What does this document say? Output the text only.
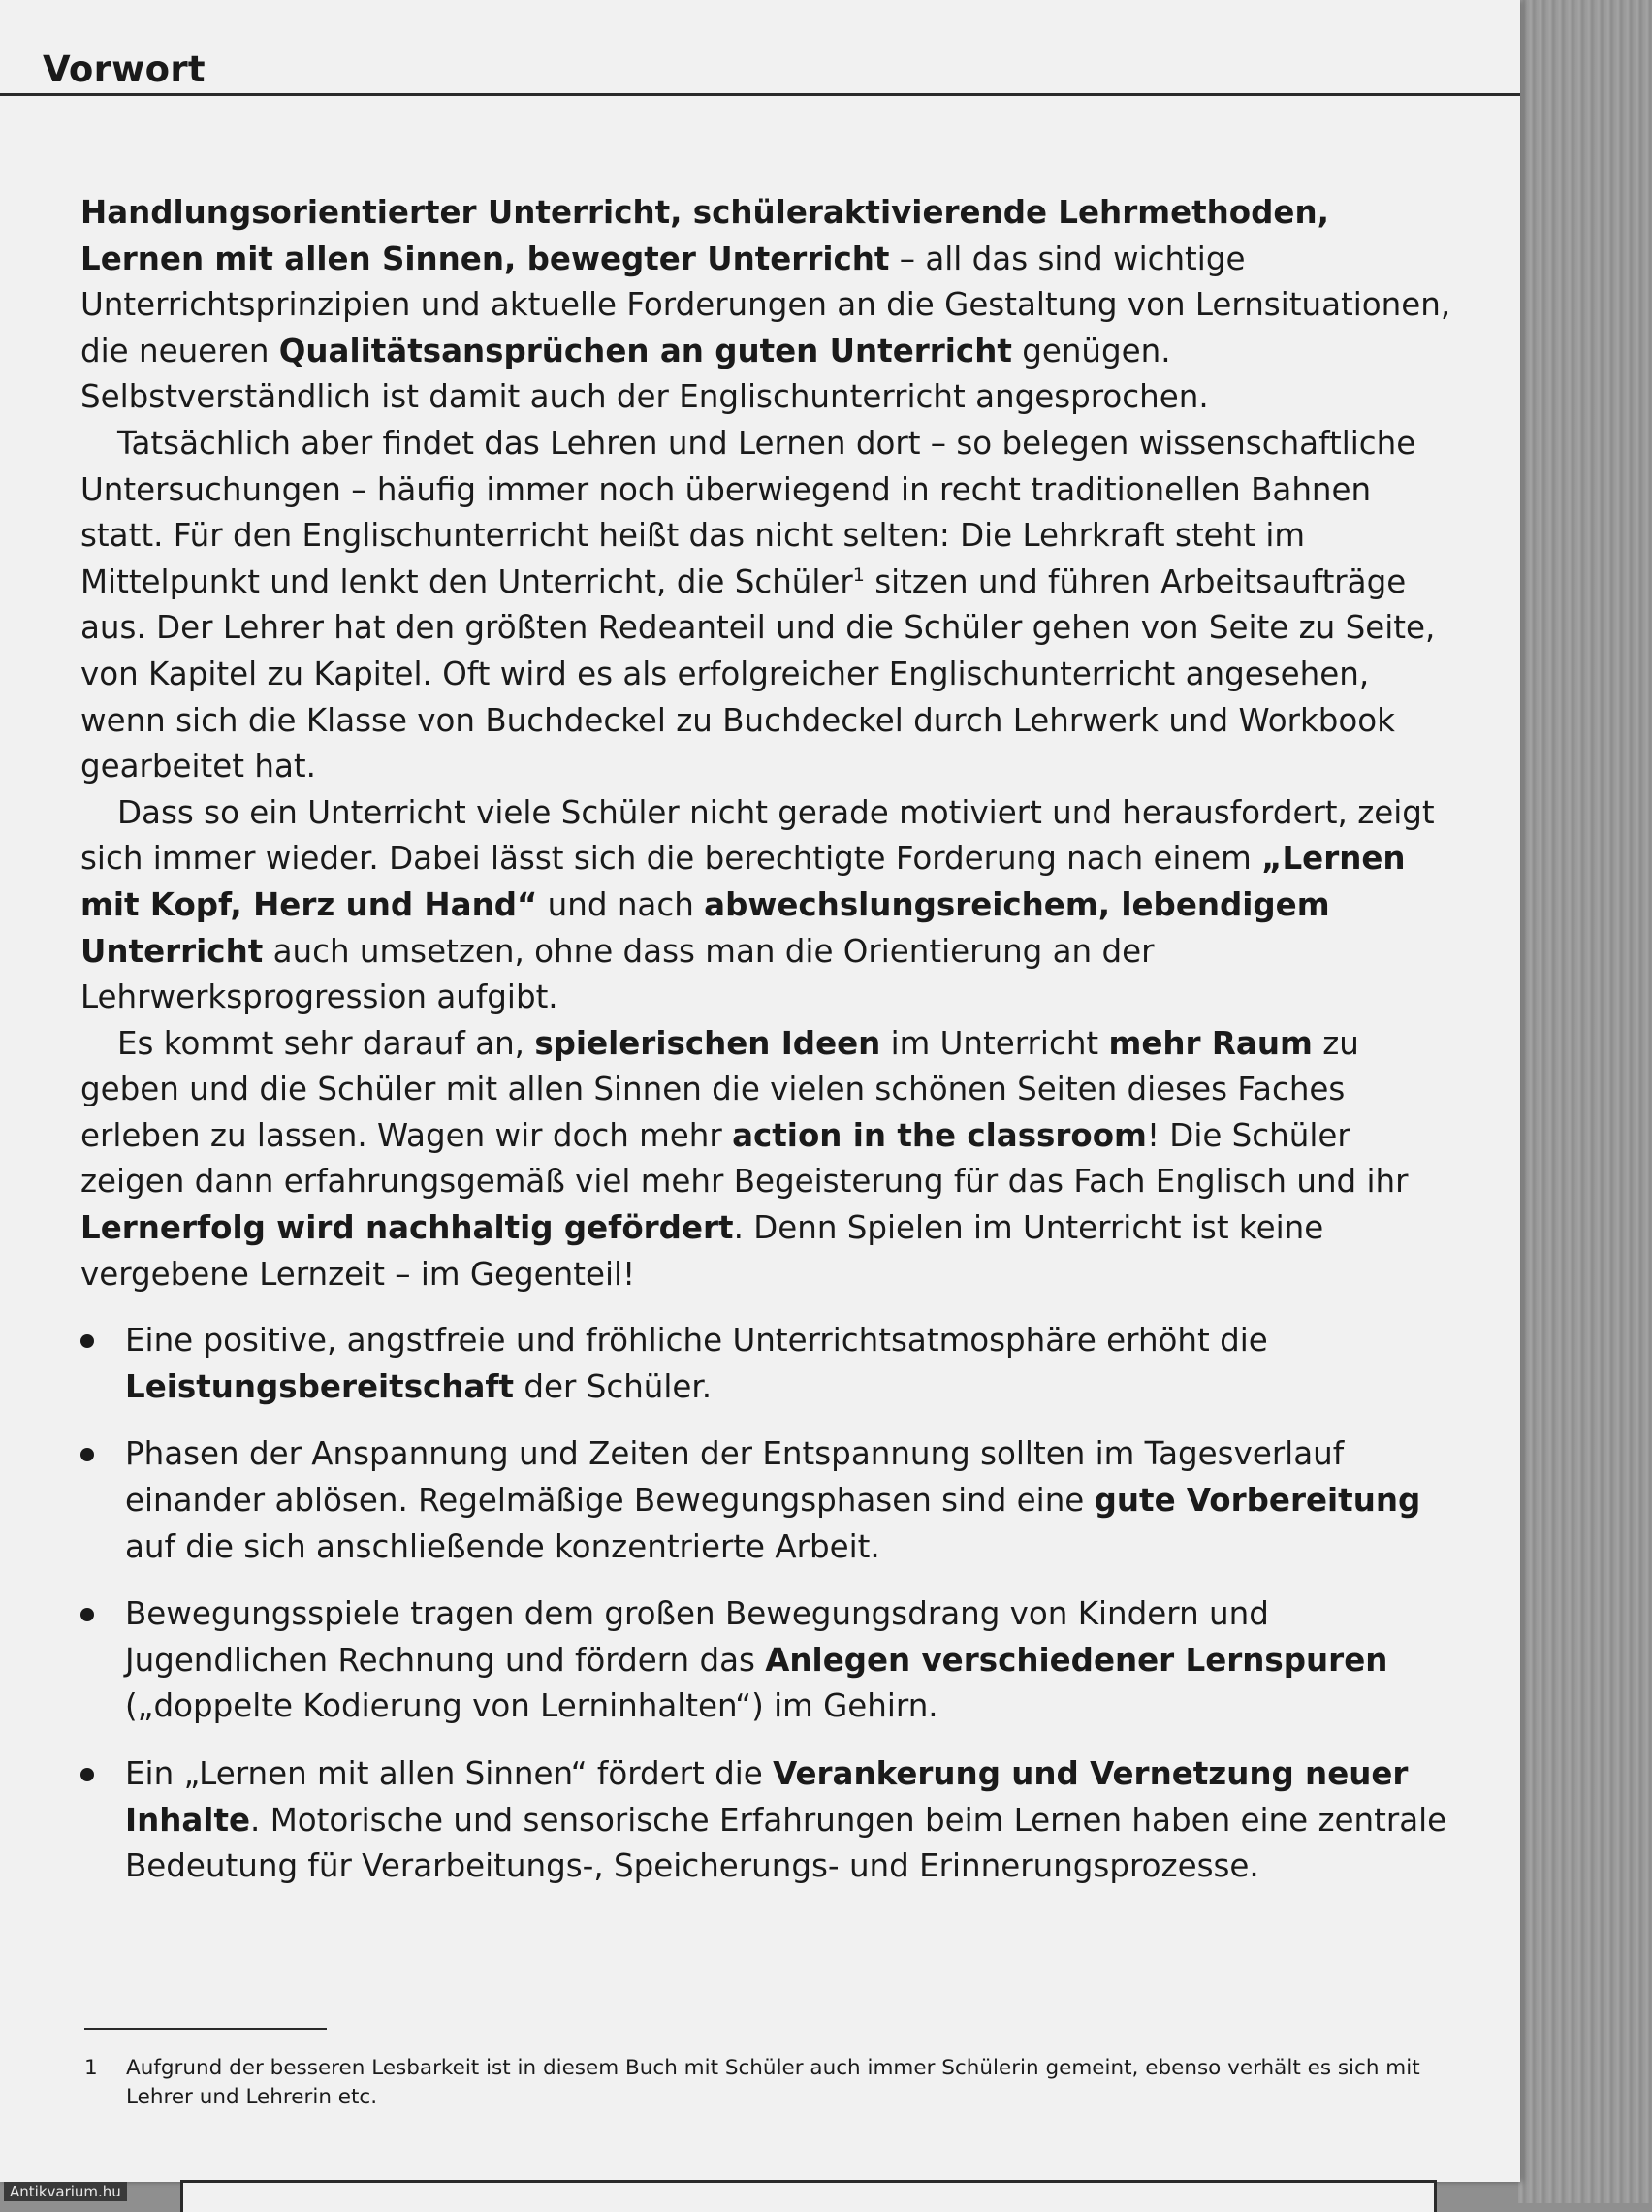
Vorwort

Handlungsorientierter Unterricht, schüleraktivierende Lehrmethoden, Lernen mit allen Sinnen, bewegter Unterricht – all das sind wichtige Unterrichtsprinzipien und aktuelle Forderungen an die Gestaltung von Lernsituationen, die neueren Qualitätsansprüchen an guten Unterricht genügen. Selbstverständlich ist damit auch der Englischunterricht angesprochen.

Tatsächlich aber findet das Lehren und Lernen dort – so belegen wissenschaftliche Untersuchungen – häufig immer noch überwiegend in recht traditionellen Bahnen statt. Für den Englischunterricht heißt das nicht selten: Die Lehrkraft steht im Mittelpunkt und lenkt den Unterricht, die Schüler$^1$ sitzen und führen Arbeitsaufträge aus. Der Lehrer hat den größten Redeanteil und die Schüler gehen von Seite zu Seite, von Kapitel zu Kapitel. Oft wird es als erfolgreicher Englischunterricht angesehen, wenn sich die Klasse von Buchdeckel zu Buchdeckel durch Lehrwerk und Workbook gearbeitet hat.

Dass so ein Unterricht viele Schüler nicht gerade motiviert und herausfordert, zeigt sich immer wieder. Dabei lässt sich die berechtigte Forderung nach einem „Lernen mit Kopf, Herz und Hand“ und nach abwechslungsreichem, lebendigem Unterricht auch umsetzen, ohne dass man die Orientierung an der Lehrwerksprogression aufgibt.

Es kommt sehr darauf an, spielerischen Ideen im Unterricht mehr Raum zu geben und die Schüler mit allen Sinnen die vielen schönen Seiten dieses Faches erleben zu lassen. Wagen wir doch mehr action in the classroom! Die Schüler zeigen dann erfahrungsgemäß viel mehr Begeisterung für das Fach Englisch und ihr Lernerfolg wird nachhaltig gefördert. Denn Spielen im Unterricht ist keine vergebene Lernzeit – im Gegenteil!

Eine positive, angstfreie und fröhliche Unterrichtsatmosphäre erhöht die Leistungsbereitschaft der Schüler.
Phasen der Anspannung und Zeiten der Entspannung sollten im Tagesverlauf einander ablösen. Regelmäßige Bewegungsphasen sind eine gute Vorbereitung auf die sich anschließende konzentrierte Arbeit.
Bewegungsspiele tragen dem großen Bewegungsdrang von Kindern und Jugendlichen Rechnung und fördern das Anlegen verschiedener Lernspuren („doppelte Kodierung von Lerninhalten“) im Gehirn.
Ein „Lernen mit allen Sinnen“ fördert die Verankerung und Vernetzung neuer Inhalte. Motorische und sensorische Erfahrungen beim Lernen haben eine zentrale Bedeutung für Verarbeitungs-, Speicherungs- und Erinnerungsprozesse.
1 Aufgrund der besseren Lesbarkeit ist in diesem Buch mit Schüler auch immer Schülerin gemeint, ebenso verhält es sich mit Lehrer und Lehrerin etc.
Antikvarium.hu
